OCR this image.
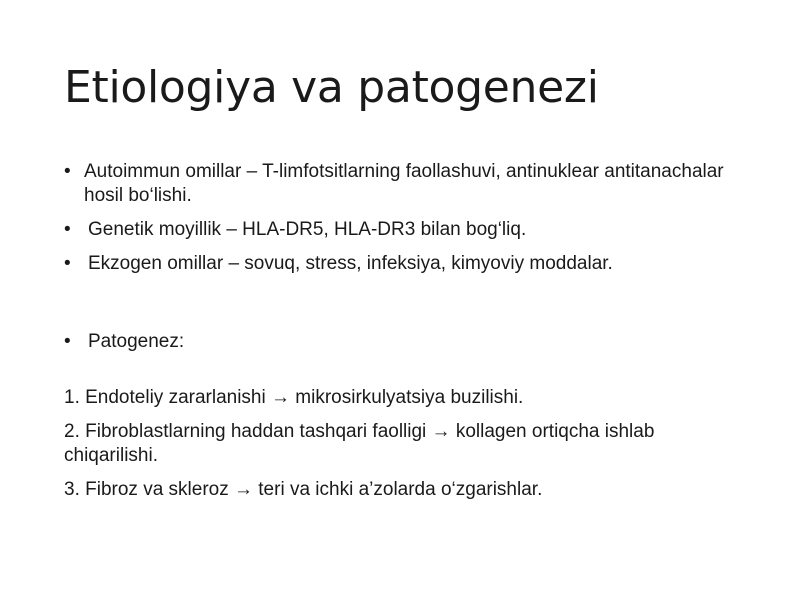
Etiologiya va patogenezi
• Autoimmun omillar – T-limfotsitlarning faollashuvi, antinuklear antitanachalar hosil bo‘lishi.
• Genetik moyillik – HLA-DR5, HLA-DR3 bilan bog‘liq.
• Ekzogen omillar – sovuq, stress, infeksiya, kimyoviy moddalar.
• Patogenez:
1. Endoteliy zararlanishi → mikrosirkulyatsiya buzilishi.
2. Fibroblastlarning haddan tashqari faolligi → kollagen ortiqcha ishlab chiqarilishi.
3. Fibroz va skleroz → teri va ichki a’zolarda o‘zgarishlar.
